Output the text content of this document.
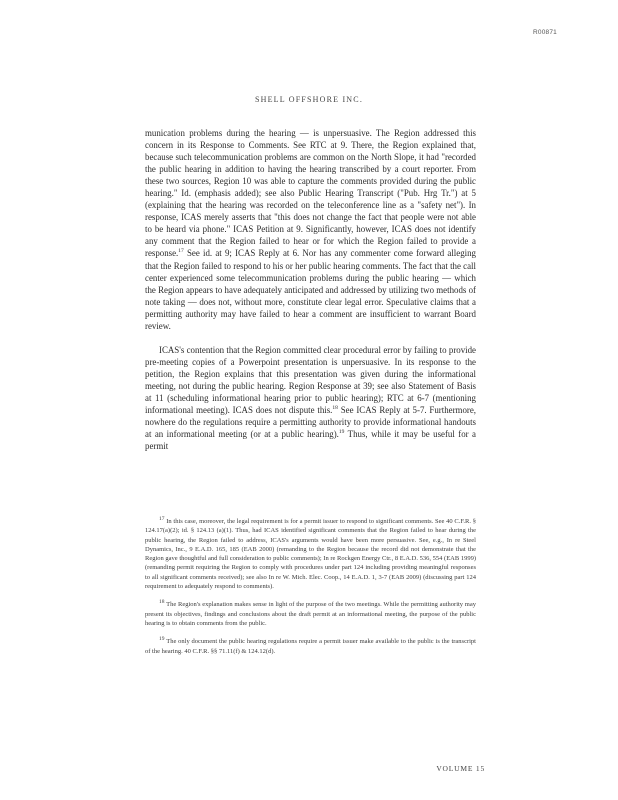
R00871
SHELL OFFSHORE INC.

munication problems during the hearing — is unpersuasive. The Region addressed this concern in its Response to Comments. See RTC at 9. There, the Region explained that, because such telecommunication problems are common on the North Slope, it had "recorded the public hearing in addition to having the hearing transcribed by a court reporter. From these two sources, Region 10 was able to capture the comments provided during the public hearing." Id. (emphasis added); see also Public Hearing Transcript ("Pub. Hrg Tr.") at 5 (explaining that the hearing was recorded on the teleconference line as a "safety net"). In response, ICAS merely asserts that "this does not change the fact that people were not able to be heard via phone." ICAS Petition at 9. Significantly, however, ICAS does not identify any comment that the Region failed to hear or for which the Region failed to provide a response.$^{17}$ See id. at 9; ICAS Reply at 6. Nor has any commenter come forward alleging that the Region failed to respond to his or her public hearing comments. The fact that the call center experienced some telecommunication problems during the public hearing — which the Region appears to have adequately anticipated and addressed by utilizing two methods of note taking — does not, without more, constitute clear legal error. Speculative claims that a permitting authority may have failed to hear a comment are insufficient to warrant Board review.

ICAS's contention that the Region committed clear procedural error by failing to provide pre-meeting copies of a Powerpoint presentation is unpersuasive. In its response to the petition, the Region explains that this presentation was given during the informational meeting, not during the public hearing. Region Response at 39; see also Statement of Basis at 11 (scheduling informational hearing prior to public hearing); RTC at 6-7 (mentioning informational meeting). ICAS does not dispute this.$^{18}$ See ICAS Reply at 5-7. Furthermore, nowhere do the regulations require a permitting authority to provide informational handouts at an informational meeting (or at a public hearing).$^{19}$ Thus, while it may be useful for a permit

$^{17}$ In this case, moreover, the legal requirement is for a permit issuer to respond to significant comments. See 40 C.F.R. § 124.17(a)(2); id. § 124.13 (a)(1). Thus, had ICAS identified significant comments that the Region failed to hear during the public hearing, the Region failed to address, ICAS's arguments would have been more persuasive. See, e.g., In re Steel Dynamics, Inc., 9 E.A.D. 165, 185 (EAB 2000) (remanding to the Region because the record did not demonstrate that the Region gave thoughtful and full consideration to public comments); In re Rockgen Energy Ctr., 8 E.A.D. 536, 554 (EAB 1999) (remanding permit requiring the Region to comply with procedures under part 124 including providing meaningful responses to all significant comments received); see also In re W. Mich. Elec. Coop., 14 E.A.D. 1, 3-7 (EAB 2009) (discussing part 124 requirement to adequately respond to comments).

$^{18}$ The Region's explanation makes sense in light of the purpose of the two meetings. While the permitting authority may present its objectives, findings and conclusions about the draft permit at an informational meeting, the purpose of the public hearing is to obtain comments from the public.

$^{19}$ The only document the public hearing regulations require a permit issuer make available to the public is the transcript of the hearing. 40 C.F.R. §§ 71.11(f) & 124.12(d).

VOLUME 15
